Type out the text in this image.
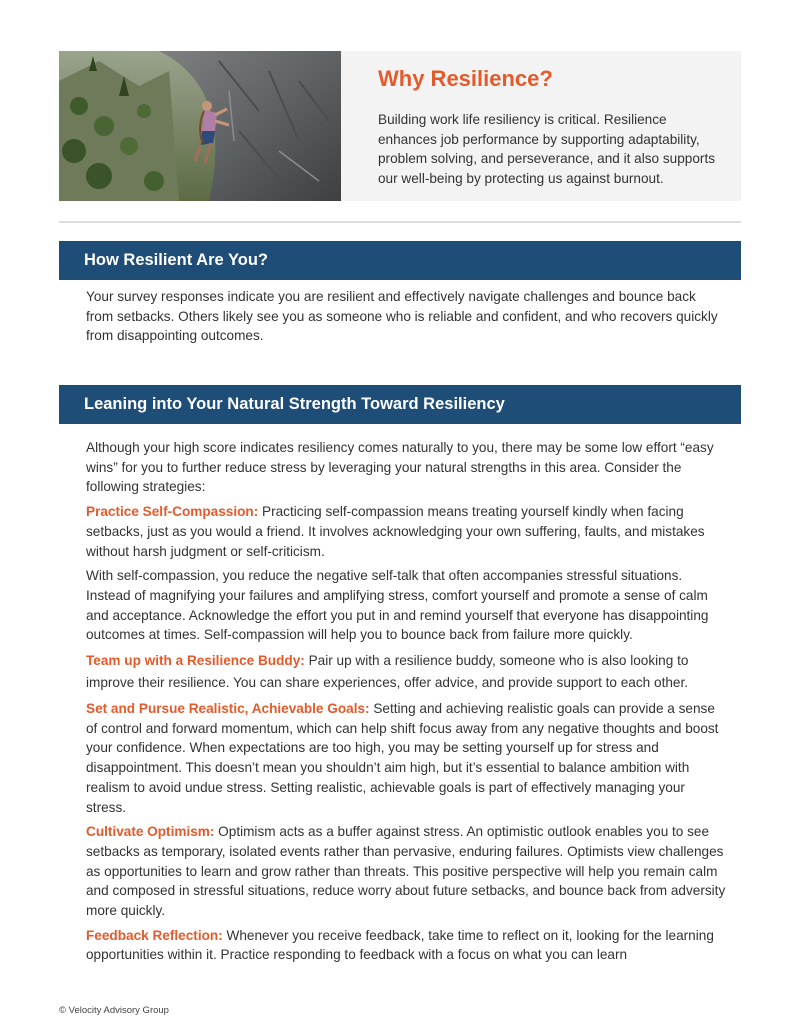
Why Resilience?
Building work life resiliency is critical. Resilience enhances job performance by supporting adaptability, problem solving, and perseverance, and it also supports our well-being by protecting us against burnout.
How Resilient Are You?
Your survey responses indicate you are resilient and effectively navigate challenges and bounce back from setbacks. Others likely see you as someone who is reliable and confident, and who recovers quickly from disappointing outcomes.
Leaning into Your Natural Strength Toward Resiliency

Although your high score indicates resiliency comes naturally to you, there may be some low effort “easy wins” for you to further reduce stress by leveraging your natural strengths in this area. Consider the following strategies:

Practice Self-Compassion: Practicing self-compassion means treating yourself kindly when facing setbacks, just as you would a friend. It involves acknowledging your own suffering, faults, and mistakes without harsh judgment or self-criticism.

With self-compassion, you reduce the negative self-talk that often accompanies stressful situations. Instead of magnifying your failures and amplifying stress, comfort yourself and promote a sense of calm and acceptance. Acknowledge the effort you put in and remind yourself that everyone has disappointing outcomes at times. Self-compassion will help you to bounce back from failure more quickly.

Team up with a Resilience Buddy: Pair up with a resilience buddy, someone who is also looking to improve their resilience. You can share experiences, offer advice, and provide support to each other.

Set and Pursue Realistic, Achievable Goals: Setting and achieving realistic goals can provide a sense of control and forward momentum, which can help shift focus away from any negative thoughts and boost your confidence. When expectations are too high, you may be setting yourself up for stress and disappointment. This doesn’t mean you shouldn’t aim high, but it’s essential to balance ambition with realism to avoid undue stress. Setting realistic, achievable goals is part of effectively managing your stress.

Cultivate Optimism: Optimism acts as a buffer against stress. An optimistic outlook enables you to see setbacks as temporary, isolated events rather than pervasive, enduring failures. Optimists view challenges as opportunities to learn and grow rather than threats. This positive perspective will help you remain calm and composed in stressful situations, reduce worry about future setbacks, and bounce back from adversity more quickly.

Feedback Reflection: Whenever you receive feedback, take time to reflect on it, looking for the learning opportunities within it. Practice responding to feedback with a focus on what you can learn

© Velocity Advisory Group
